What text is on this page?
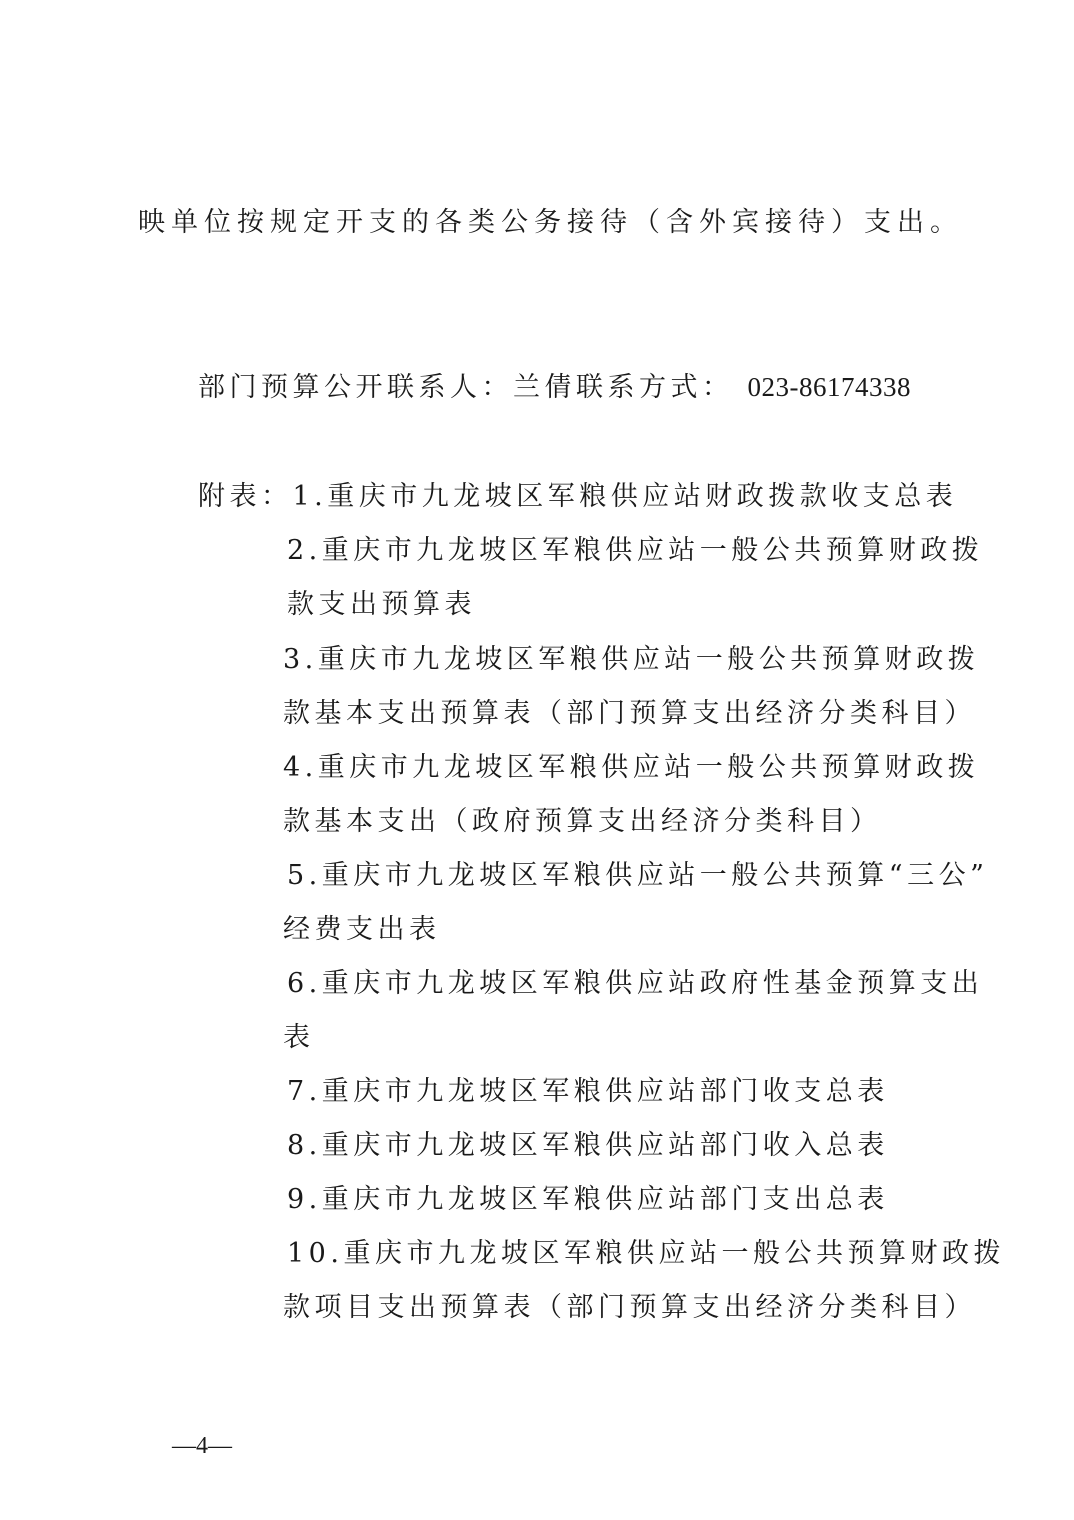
映单位按规定开支的各类公务接待（含外宾接待）支出。
部门预算公开联系人：兰倩联系方式： 023-86174338
附表：1.重庆市九龙坡区军粮供应站财政拨款收支总表
2.重庆市九龙坡区军粮供应站一般公共预算财政拨
款支出预算表
3.重庆市九龙坡区军粮供应站一般公共预算财政拨
款基本支出预算表（部门预算支出经济分类科目）
4.重庆市九龙坡区军粮供应站一般公共预算财政拨
款基本支出（政府预算支出经济分类科目）
5.重庆市九龙坡区军粮供应站一般公共预算“三公”
经费支出表
6.重庆市九龙坡区军粮供应站政府性基金预算支出
表
7.重庆市九龙坡区军粮供应站部门收支总表
8.重庆市九龙坡区军粮供应站部门收入总表
9.重庆市九龙坡区军粮供应站部门支出总表
10.重庆市九龙坡区军粮供应站一般公共预算财政拨
款项目支出预算表（部门预算支出经济分类科目）
—4—
